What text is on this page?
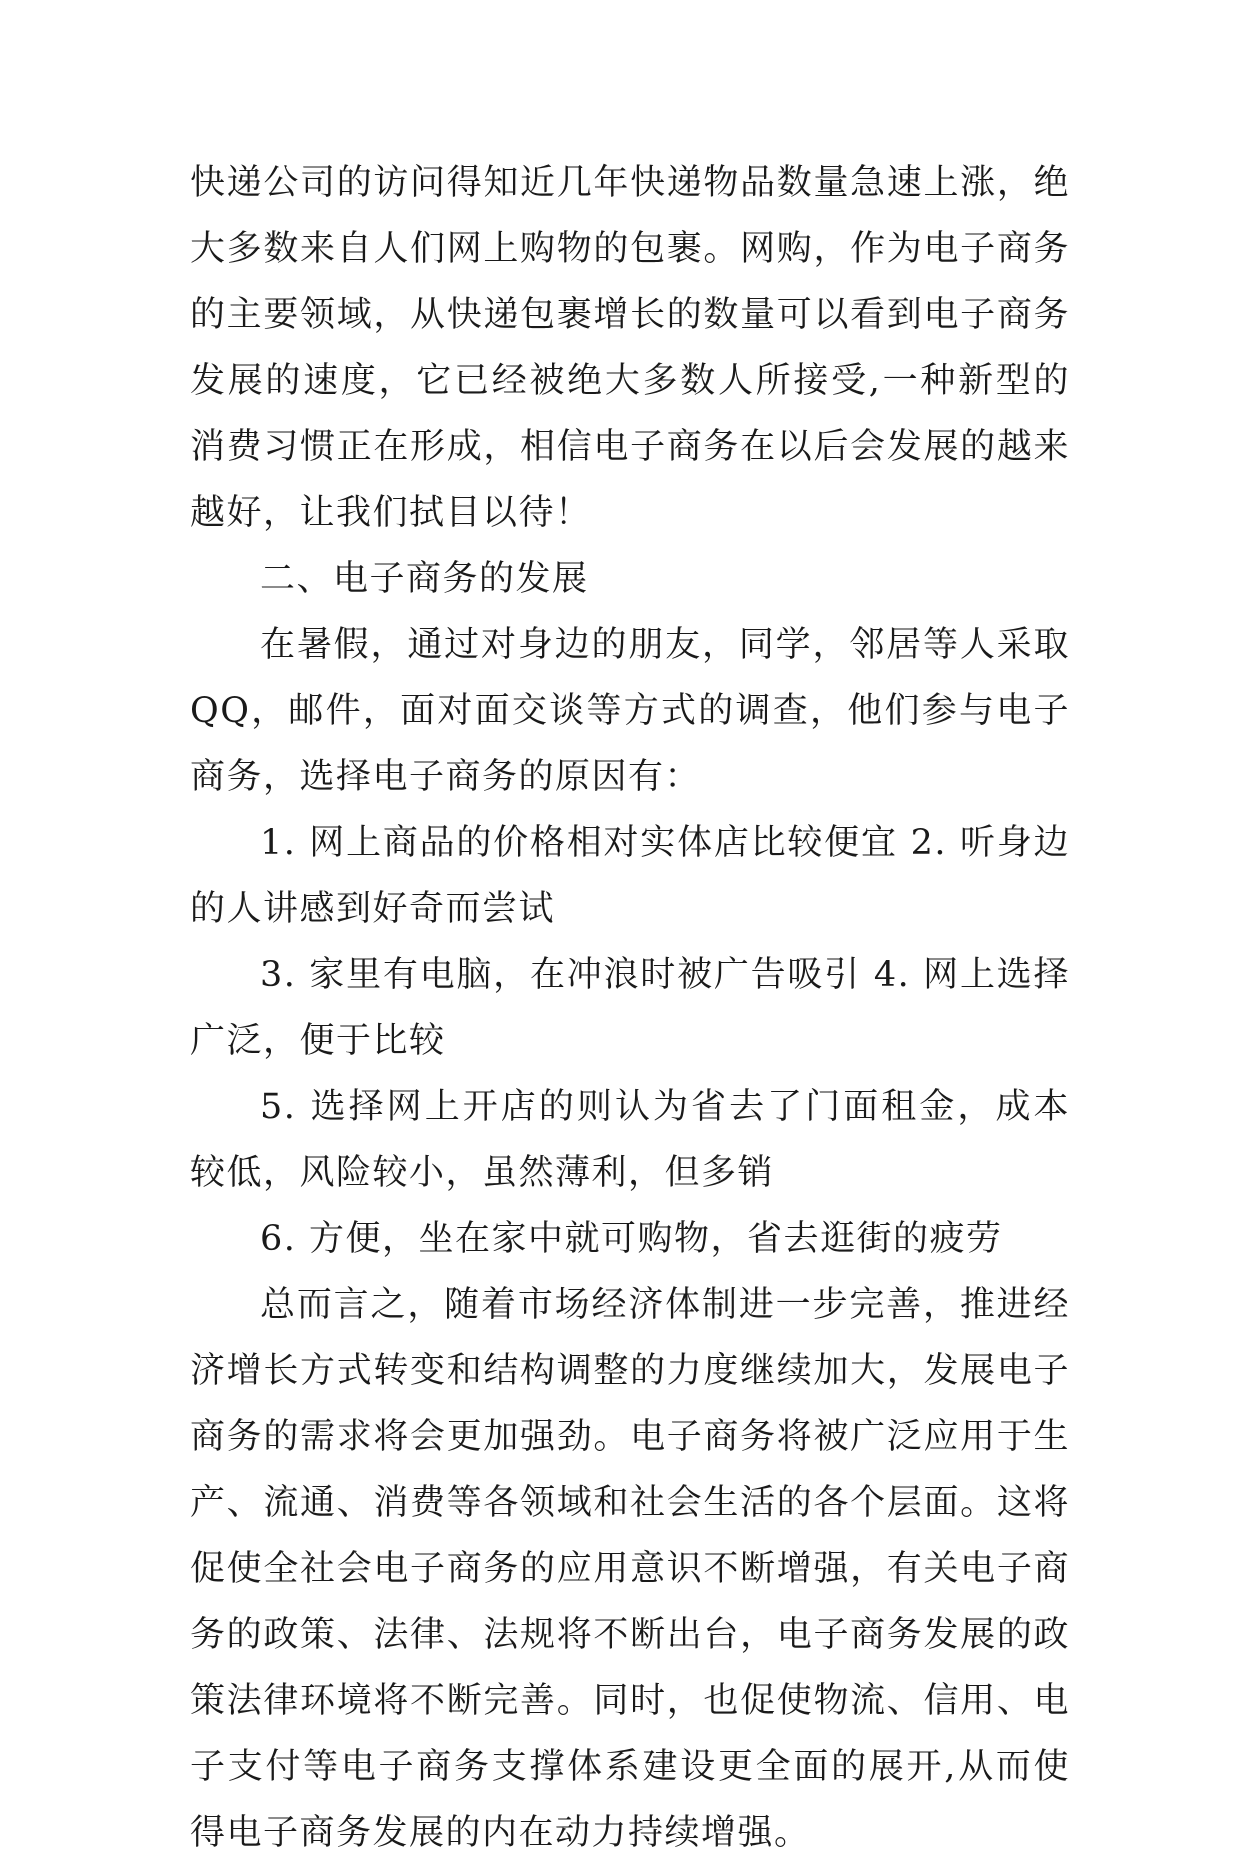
快递公司的访问得知近几年快递物品数量急速上涨，绝大多数来自人们网上购物的包裹。网购，作为电子商务的主要领域，从快递包裹增长的数量可以看到电子商务发展的速度，它已经被绝大多数人所接受,一种新型的消费习惯正在形成，相信电子商务在以后会发展的越来越好，让我们拭目以待！

二、电子商务的发展

在暑假，通过对身边的朋友，同学，邻居等人采取QQ，邮件，面对面交谈等方式的调查，他们参与电子商务，选择电子商务的原因有：

1. 网上商品的价格相对实体店比较便宜 2. 听身边的人讲感到好奇而尝试

3. 家里有电脑，在冲浪时被广告吸引 4. 网上选择广泛，便于比较

5. 选择网上开店的则认为省去了门面租金，成本较低，风险较小，虽然薄利，但多销

6. 方便，坐在家中就可购物，省去逛街的疲劳

总而言之，随着市场经济体制进一步完善，推进经济增长方式转变和结构调整的力度继续加大，发展电子商务的需求将会更加强劲。电子商务将被广泛应用于生产、流通、消费等各领域和社会生活的各个层面。这将促使全社会电子商务的应用意识不断增强，有关电子商务的政策、法律、法规将不断出台，电子商务发展的政策法律环境将不断完善。同时，也促使物流、信用、电子支付等电子商务支撑体系建设更全面的展开,从而使得电子商务发展的内在动力持续增强。
